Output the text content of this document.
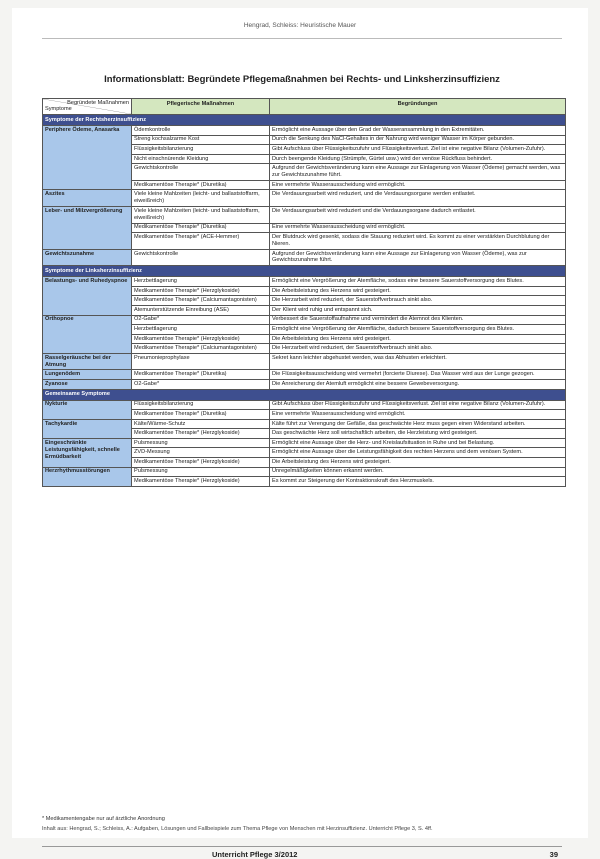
Hengrad, Schleiss: Heuristische Mauer
Informationsblatt: Begründete Pflegemaßnahmen bei Rechts- und Linksherzinsuffizienz
Begründete Maßnahmen
Symptome	Pflegerische Maßnahmen	Begründungen
Symptome der Rechtsherzinsuffizienz		
Periphere Ödeme, Anasarka	Ödemkontrolle	Ermöglicht eine Aussage über den Grad der Wasseransammlung in den Extremitäten.
	Streng kochsalzarme Kost	Durch die Senkung des NaCl-Gehaltes in der Nahrung wird weniger Wasser im Körper gebunden.
	Flüssigkeitsbilanzierung	Gibt Aufschluss über Flüssigkeitszufuhr und Flüssigkeitsverlust. Ziel ist eine negative Bilanz (Volumen-Zufuhr).
	Nicht einschnürende Kleidung	Durch beengende Kleidung (Strümpfe, Gürtel usw.) wird der venöse Rückfluss behindert.
	Gewichtskontrolle	Aufgrund der Gewichtsveränderung kann eine Aussage zur Einlagerung von Wasser (Ödeme) gemacht werden, was zur Gewichtszunahme führt.
	Medikamentöse Therapie* (Diuretika)	Eine vermehrte Wasserausscheidung wird ermöglicht.
Aszites	Viele kleine Mahlzeiten (leicht- und ballaststoffarm, eiweißreich)	Die Verdauungsarbeit wird reduziert, und die Verdauungsorgane werden entlastet.
Leber- und Milzvergrößerung	Viele kleine Mahlzeiten (leicht- und ballaststoffarm, eiweißreich)	Die Verdauungsarbeit wird reduziert und die Verdauungsorgane dadurch entlastet.
	Medikamentöse Therapie* (Diuretika)	Eine vermehrte Wasserausscheidung wird ermöglicht.
	Medikamentöse Therapie* (ACE-Hemmer)	Der Blutdruck wird gesenkt, sodass die Stauung reduziert wird. Es kommt zu einer verstärkten Durchblutung der Nieren.
Gewichtszunahme	Gewichtskontrolle	Aufgrund der Gewichtsveränderung kann eine Aussage zur Einlagerung von Wasser (Ödeme), was zur Gewichtszunahme führt.
Symptome der Linksherzinsuffizienz		
Belastungs- und Ruhedyspnoe	Herzbettlagerung	Ermöglicht eine Vergrößerung der Atemfläche, sodass eine bessere Sauerstoffversorgung des Blutes.
	Medikamentöse Therapie* (Herzglykoside)	Die Arbeitsleistung des Herzens wird gesteigert.
	Medikamentöse Therapie* (Calciumantagonisten)	Die Herzarbeit wird reduziert, der Sauerstoffverbrauch sinkt also.
	Atemunterstützende Einreibung (ASE)	Der Klient wird ruhig und entspannt sich.
Orthopnoe	O2-Gabe*	Verbessert die Sauerstoffaufnahme und vermindert die Atemnot des Klienten.
	Herzbettlagerung	Ermöglicht eine Vergrößerung der Atemfläche, dadurch bessere Sauerstoffversorgung des Blutes.
	Medikamentöse Therapie* (Herzglykoside)	Die Arbeitsleistung des Herzens wird gesteigert.
	Medikamentöse Therapie* (Calciumantagonisten)	Die Herzarbeit wird reduziert, der Sauerstoffverbrauch sinkt also.
Rasselgeräusche bei der Atmung	Pneumonieprophylaxe	Sekret kann leichter abgehustet werden, was das Abhusten erleichtert.
Lungenödem	Medikamentöse Therapie* (Diuretika)	Die Flüssigkeitsausscheidung wird vermehrt (forcierte Diurese). Das Wasser wird aus der Lunge gezogen.
Zyanose	O2-Gabe*	Die Anreicherung der Atemluft ermöglicht eine bessere Gewebeversorgung.
Gemeinsame Symptome		
Nykturie	Flüssigkeitsbilanzierung	Gibt Aufschluss über Flüssigkeitszufuhr und Flüssigkeitsverlust. Ziel ist eine negative Bilanz (Volumen-Zufuhr).
	Medikamentöse Therapie* (Diuretika)	Eine vermehrte Wasserausscheidung wird ermöglicht.
Tachykardie	Kälte/Wärme-Schutz	Kälte führt zur Verengung der Gefäße, das geschwächte Herz muss gegen einen Widerstand arbeiten.
	Medikamentöse Therapie* (Herzglykoside)	Das geschwächte Herz soll wirtschaftlich arbeiten, die Herzleistung wird gesteigert.
Eingeschränkte Leistungsfähigkeit, schnelle Ermüdbarkeit	Pulsmessung	Ermöglicht eine Aussage über die Herz- und Kreislaufsituation in Ruhe und bei Belastung.
	ZVD-Messung	Ermöglicht eine Aussage über die Leistungsfähigkeit des rechten Herzens und dem venösen System.
	Medikamentöse Therapie* (Herzglykoside)	Die Arbeitsleistung des Herzens wird gesteigert.
Herzrhythmusstörungen	Pulsmessung	Unregelmäßigkeiten können erkannt werden.
	Medikamentöse Therapie* (Herzglykoside)	Es kommt zur Steigerung der Kontraktionskraft des Herzmuskels.
* Medikamentengabe nur auf ärztliche Anordnung
Inhalt aus: Hengrad, S.; Schleiss, A.: Aufgaben, Lösungen und Fallbeispiele zum Thema Pflege von Menschen mit Herzinsuffizienz. Unterricht Pflege 3, S. 4ff.
Unterricht Pflege 3/2012	39
